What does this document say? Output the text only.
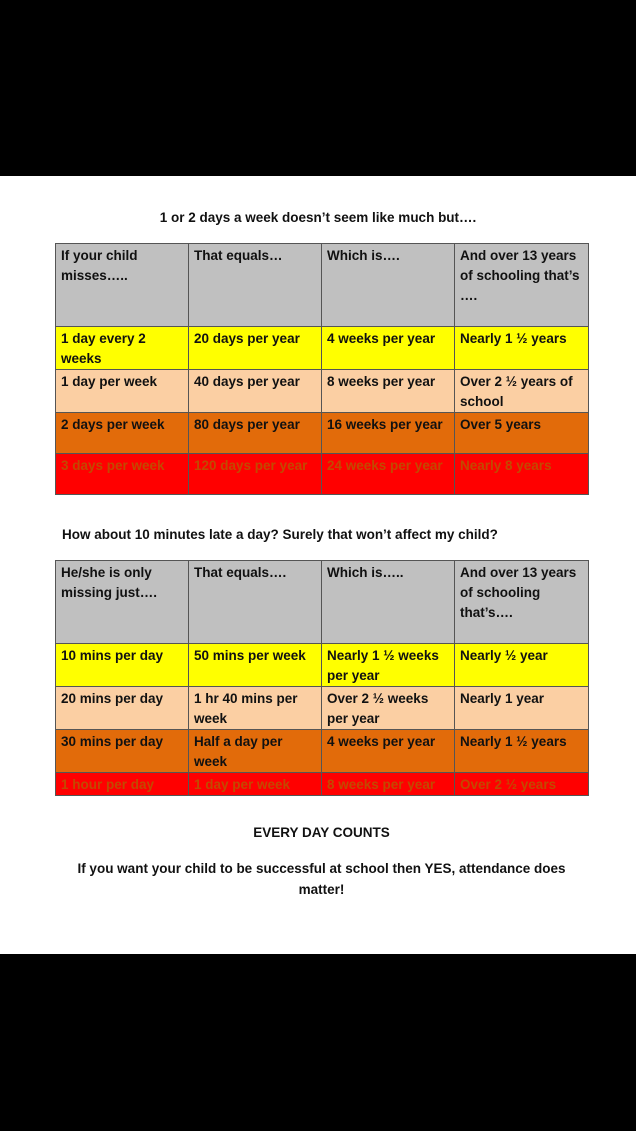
1 or 2 days a week doesn’t seem like much but….
If your child misses…..	That equals…	Which is….	And over 13 years of schooling that’s ….
1 day every 2 weeks	20 days per year	4 weeks per year	Nearly 1 ½ years
1 day per week	40 days per year	8 weeks per year	Over 2 ½ years of school
2 days per week	80 days per year	16 weeks per year	Over 5 years
3 days per week	120 days per year	24 weeks per year	Nearly 8 years
How about 10 minutes late a day? Surely that won’t affect my child?
He/she is only missing just….	That equals….	Which is…..	And over 13 years of schooling that’s….
10 mins per day	50 mins per week	Nearly 1 ½ weeks per year	Nearly ½ year
20 mins per day	1 hr 40 mins per week	Over 2 ½ weeks per year	Nearly 1 year
30 mins per day	Half a day per week	4 weeks per year	Nearly 1 ½ years
1 hour per day	1 day per week	8 weeks per year	Over 2 ½ years
EVERY DAY COUNTS
If you want your child to be successful at school then YES, attendance does matter!
